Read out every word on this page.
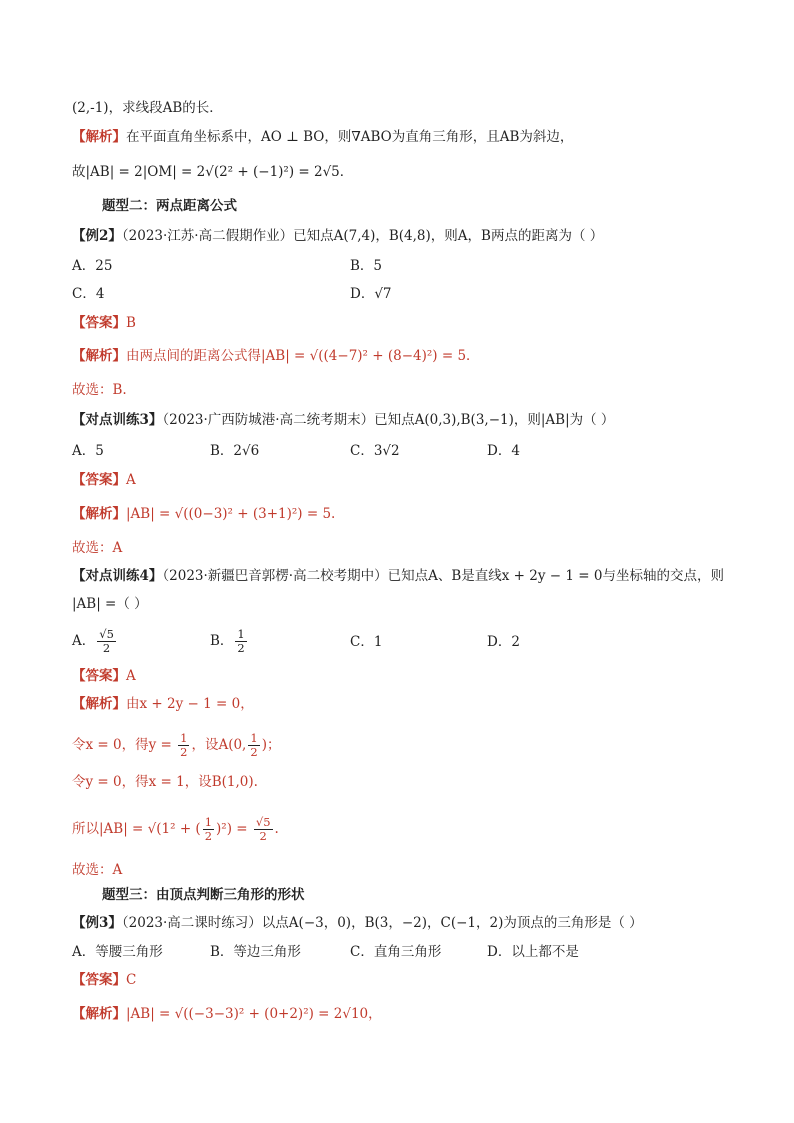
(2,-1)，求线段AB的长．
【解析】在平面直角坐标系中，AO ⊥ BO，则∇ABO为直角三角形，且AB为斜边，
故|AB| = 2|OM| = 2√(2² + (−1)²) = 2√5．
题型二：两点距离公式
【例2】（2023·江苏·高二假期作业）已知点A(7,4)，B(4,8)，则A，B两点的距离为（ ）
A．25	B．5
C．4	D．√7
【答案】B
【解析】由两点间的距离公式得|AB| = √((4−7)² + (8−4)²) = 5．
故选：B.
【对点训练3】（2023·广西防城港·高二统考期末）已知点A(0,3),B(3,−1)，则|AB|为（ ）
A．5	B．2√6	C．3√2	D．4
【答案】A
【解析】|AB| = √((0−3)² + (3+1)²) = 5.
故选：A
【对点训练4】（2023·新疆巴音郭楞·高二校考期中）已知点A、B是直线x + 2y − 1 = 0与坐标轴的交点，则
|AB| =（ ）
A． $\frac{√5}{2}$	B． $\frac{1}{2}$	C．1	D．2
【答案】A
【解析】由x + 2y − 1 = 0，
令x = 0，得$y = \frac{1}{2}$ ，设A(0, $\frac{1}{2}$ )；
令y = 0，得x = 1，设B(1,0).
所以|AB| = √(1² + ( $\frac{1}{2} )^2) = \frac{√5}{2}$ .
故选：A
题型三：由顶点判断三角形的形状
【例3】（2023·高二课时练习）以点A(−3，0)，B(3，−2)，C(−1，2)为顶点的三角形是（ ）
A．等腰三角形	B．等边三角形	C．直角三角形	D．以上都不是
【答案】C
【解析】|AB| = √((−3−3)² + (0+2)²) = 2√10，
